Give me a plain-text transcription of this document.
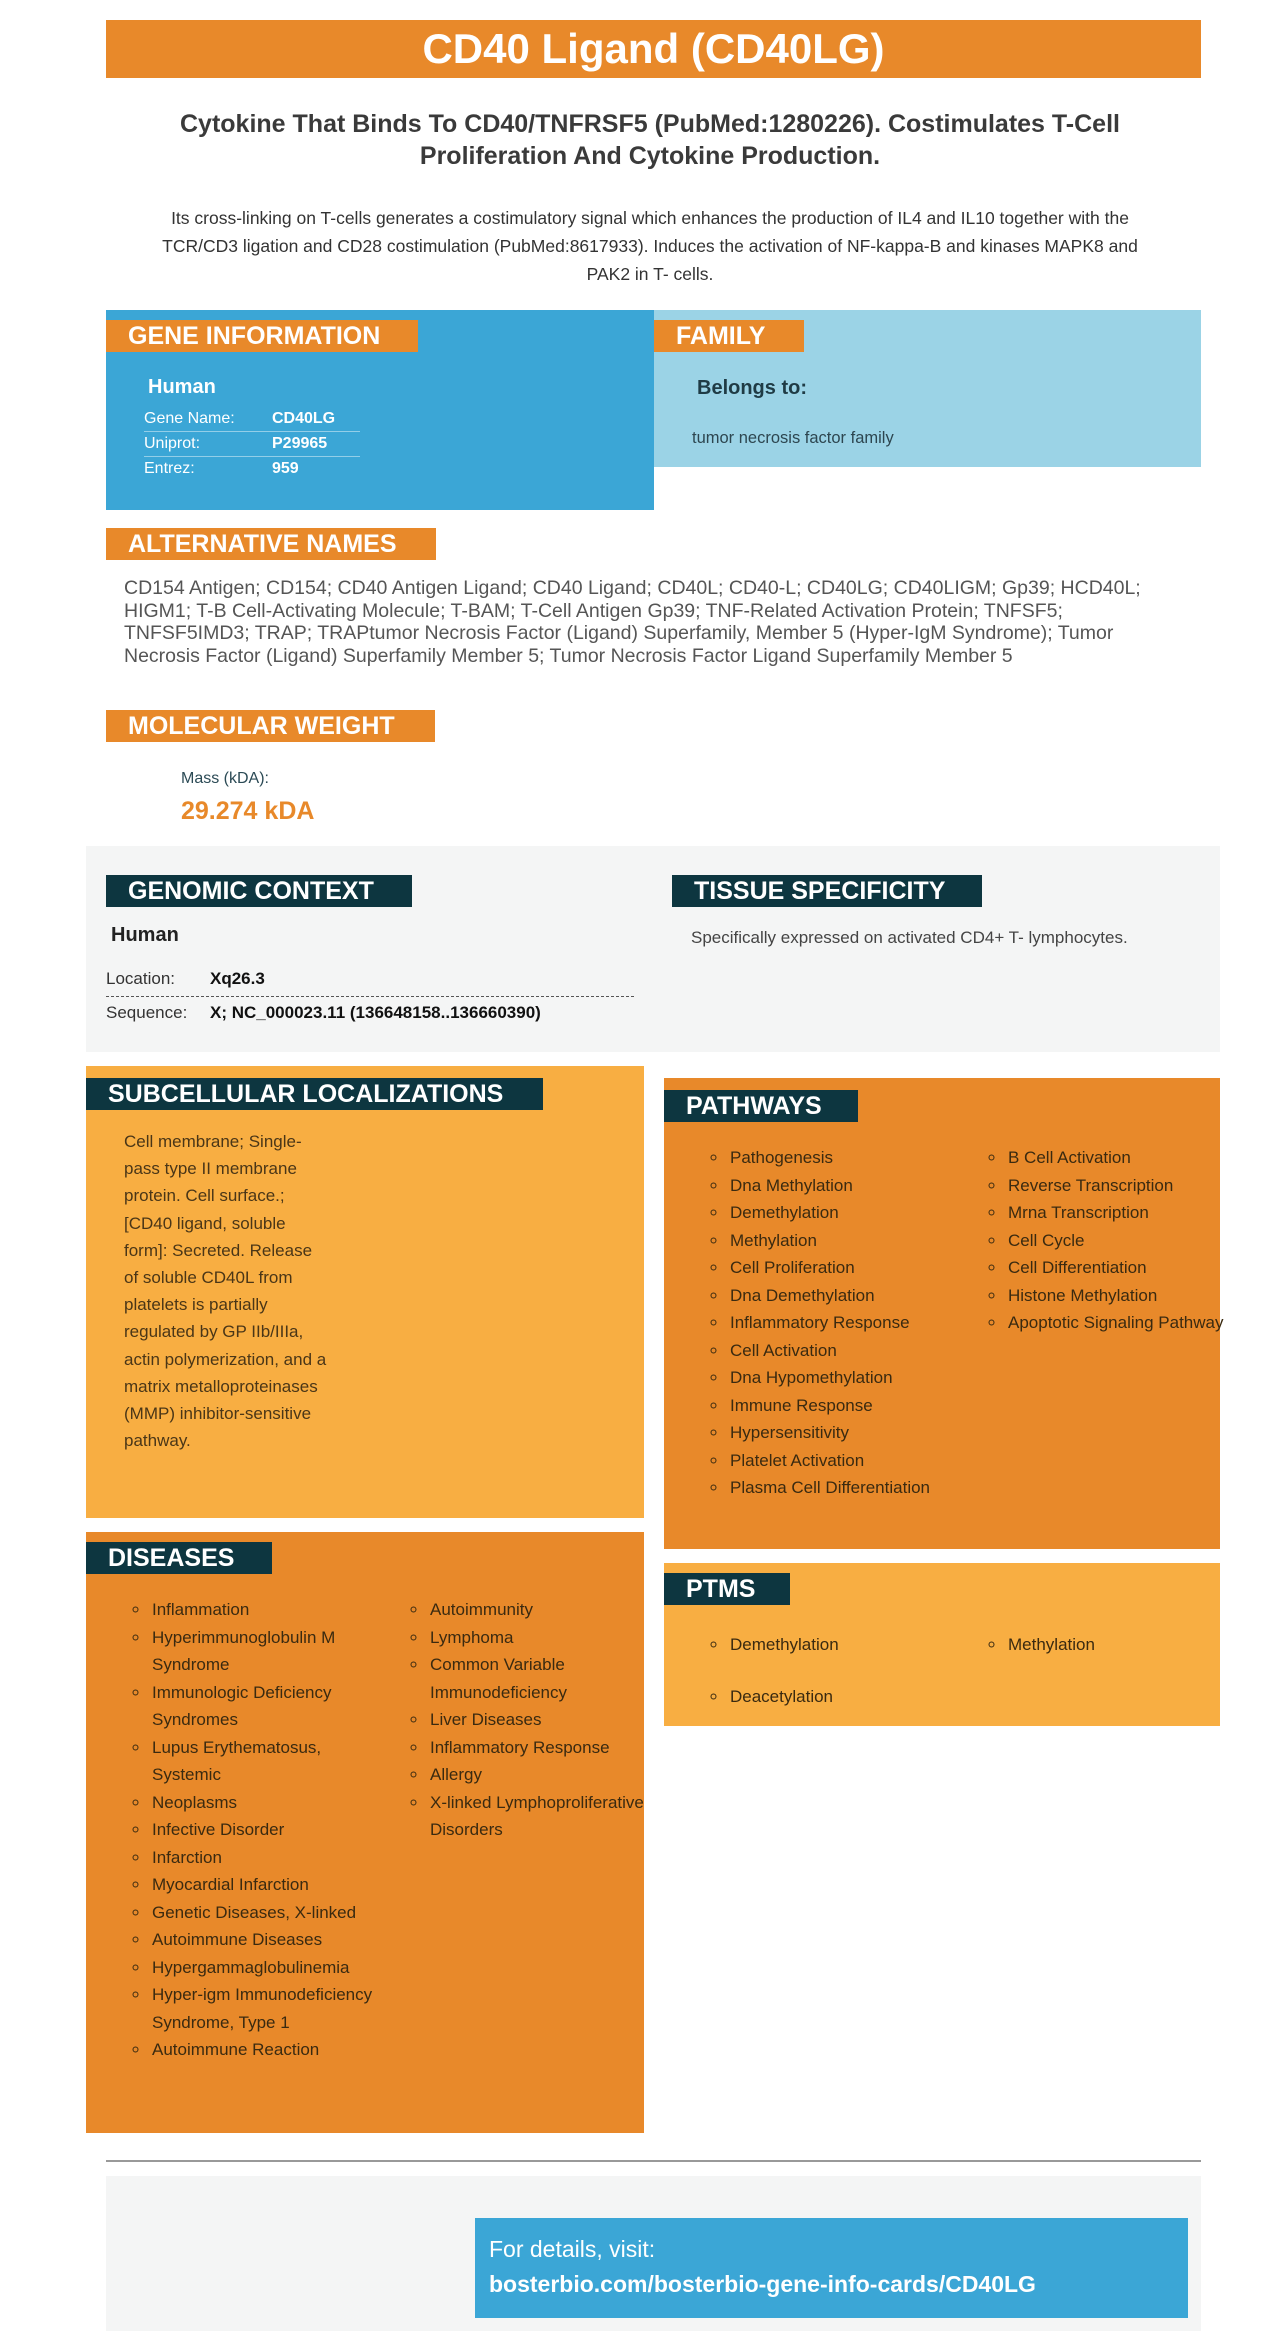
CD40 Ligand (CD40LG)
Cytokine That Binds To CD40/TNFRSF5 (PubMed:1280226). Costimulates T-Cell Proliferation And Cytokine Production.
Its cross-linking on T-cells generates a costimulatory signal which enhances the production of IL4 and IL10 together with the TCR/CD3 ligation and CD28 costimulation (PubMed:8617933). Induces the activation of NF-kappa-B and kinases MAPK8 and PAK2 in T- cells.
GENE INFORMATION
Human
Gene Name:	CD40LG
Uniprot:	P29965
Entrez:	959
FAMILY
Belongs to:
tumor necrosis factor family
ALTERNATIVE NAMES
CD154 Antigen; CD154; CD40 Antigen Ligand; CD40 Ligand; CD40L; CD40-L; CD40LG; CD40LIGM; Gp39; HCD40L; HIGM1; T-B Cell-Activating Molecule; T-BAM; T-Cell Antigen Gp39; TNF-Related Activation Protein; TNFSF5; TNFSF5IMD3; TRAP; TRAPtumor Necrosis Factor (Ligand) Superfamily, Member 5 (Hyper-IgM Syndrome); Tumor Necrosis Factor (Ligand) Superfamily Member 5; Tumor Necrosis Factor Ligand Superfamily Member 5
MOLECULAR WEIGHT
Mass (kDA):
29.274 kDA
GENOMIC CONTEXT
Human
Location: Xq26.3
Sequence: X; NC_000023.11 (136648158..136660390)
TISSUE SPECIFICITY
Specifically expressed on activated CD4+ T- lymphocytes.
SUBCELLULAR LOCALIZATIONS
Cell membrane; Single-pass type II membrane protein. Cell surface.; [CD40 ligand, soluble form]: Secreted. Release of soluble CD40L from platelets is partially regulated by GP IIb/IIIa, actin polymerization, and a matrix metalloproteinases (MMP) inhibitor-sensitive pathway.
DISEASES
◦ Inflammation
◦ Hyperimmunoglobulin M Syndrome
◦ Immunologic Deficiency Syndromes
◦ Lupus Erythematosus, Systemic
◦ Neoplasms
◦ Infective Disorder
◦ Infarction
◦ Myocardial Infarction
◦ Genetic Diseases, X-linked
◦ Autoimmune Diseases
◦ Hypergammaglobulinemia
◦ Hyper-igm Immunodeficiency Syndrome, Type 1
◦ Autoimmune Reaction
◦ Autoimmunity
◦ Lymphoma
◦ Common Variable Immunodeficiency
◦ Liver Diseases
◦ Inflammatory Response
◦ Allergy
◦ X-linked Lymphoproliferative Disorders
PATHWAYS
◦ Pathogenesis
◦ Dna Methylation
◦ Demethylation
◦ Methylation
◦ Cell Proliferation
◦ Dna Demethylation
◦ Inflammatory Response
◦ Cell Activation
◦ Dna Hypomethylation
◦ Immune Response
◦ Hypersensitivity
◦ Platelet Activation
◦ Plasma Cell Differentiation
◦ B Cell Activation
◦ Reverse Transcription
◦ Mrna Transcription
◦ Cell Cycle
◦ Cell Differentiation
◦ Histone Methylation
◦ Apoptotic Signaling Pathway
PTMS
◦ Demethylation
◦ Deacetylation
◦ Methylation
For details, visit:
bosterbio.com/bosterbio-gene-info-cards/CD40LG
